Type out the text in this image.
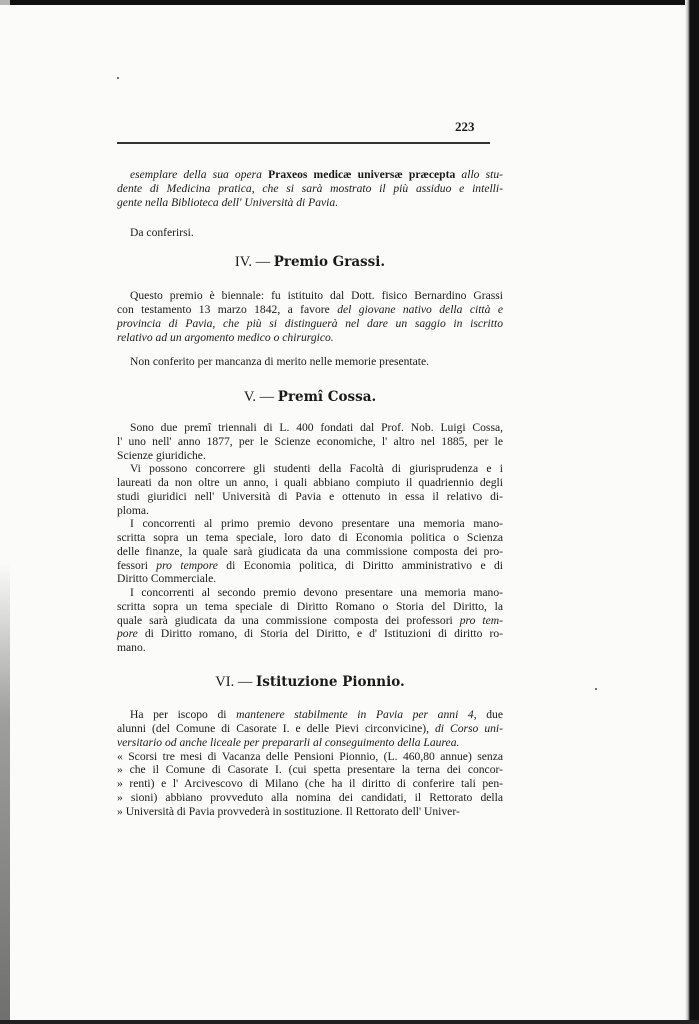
223
esemplare della sua opera Praxeos medicæ universæ præcepta allo stu-
dente di Medicina pratica, che si sarà mostrato il più assiduo e intelli-
gente nella Biblioteca dell' Università di Pavia.
Da conferirsi.
IV. — Premio Grassi.
Questo premio è biennale: fu istituito dal Dott. fisico Bernardino Grassi
con testamento 13 marzo 1842, a favore del giovane nativo della città e
provincia di Pavia, che più si distinguerà nel dare un saggio in iscritto
relativo ad un argomento medico o chirurgico.
Non conferito per mancanza di merito nelle memorie presentate.
V. — Premî Cossa.
Sono due premî triennali di L. 400 fondati dal Prof. Nob. Luigi Cossa,
l' uno nell' anno 1877, per le Scienze economiche, l' altro nel 1885, per le
Scienze giuridiche.
Vi possono concorrere gli studenti della Facoltà di giurisprudenza e i
laureati da non oltre un anno, i quali abbiano compiuto il quadriennio degli
studi giuridici nell' Università di Pavia e ottenuto in essa il relativo di-
ploma.
I concorrenti al primo premio devono presentare una memoria mano-
scritta sopra un tema speciale, loro dato di Economia politica o Scienza
delle finanze, la quale sarà giudicata da una commissione composta dei pro-
fessori pro tempore di Economia politica, di Diritto amministrativo e di
Diritto Commerciale.
I concorrenti al secondo premio devono presentare una memoria mano-
scritta sopra un tema speciale di Diritto Romano o Storia del Diritto, la
quale sarà giudicata da una commissione composta dei professori pro tem-
pore di Diritto romano, di Storia del Diritto, e d' Istituzioni di diritto ro-
mano.
VI. — Istituzione Pionnio.
Ha per iscopo di mantenere stabilmente in Pavia per anni 4, due
alunni (del Comune di Casorate I. e delle Pievi circonvicine), di Corso uni-
versitario od anche liceale per prepararli al conseguimento della Laurea.
« Scorsi tre mesi di Vacanza delle Pensioni Pionnio, (L. 460,80 annue) senza
» che il Comune di Casorate I. (cui spetta presentare la terna dei concor-
» renti) e l' Arcivescovo di Milano (che ha il diritto di conferire tali pen-
» sioni) abbiano provveduto alla nomina dei candidati, il Rettorato della
» Università di Pavia provvederà in sostituzione. Il Rettorato dell' Univer-
